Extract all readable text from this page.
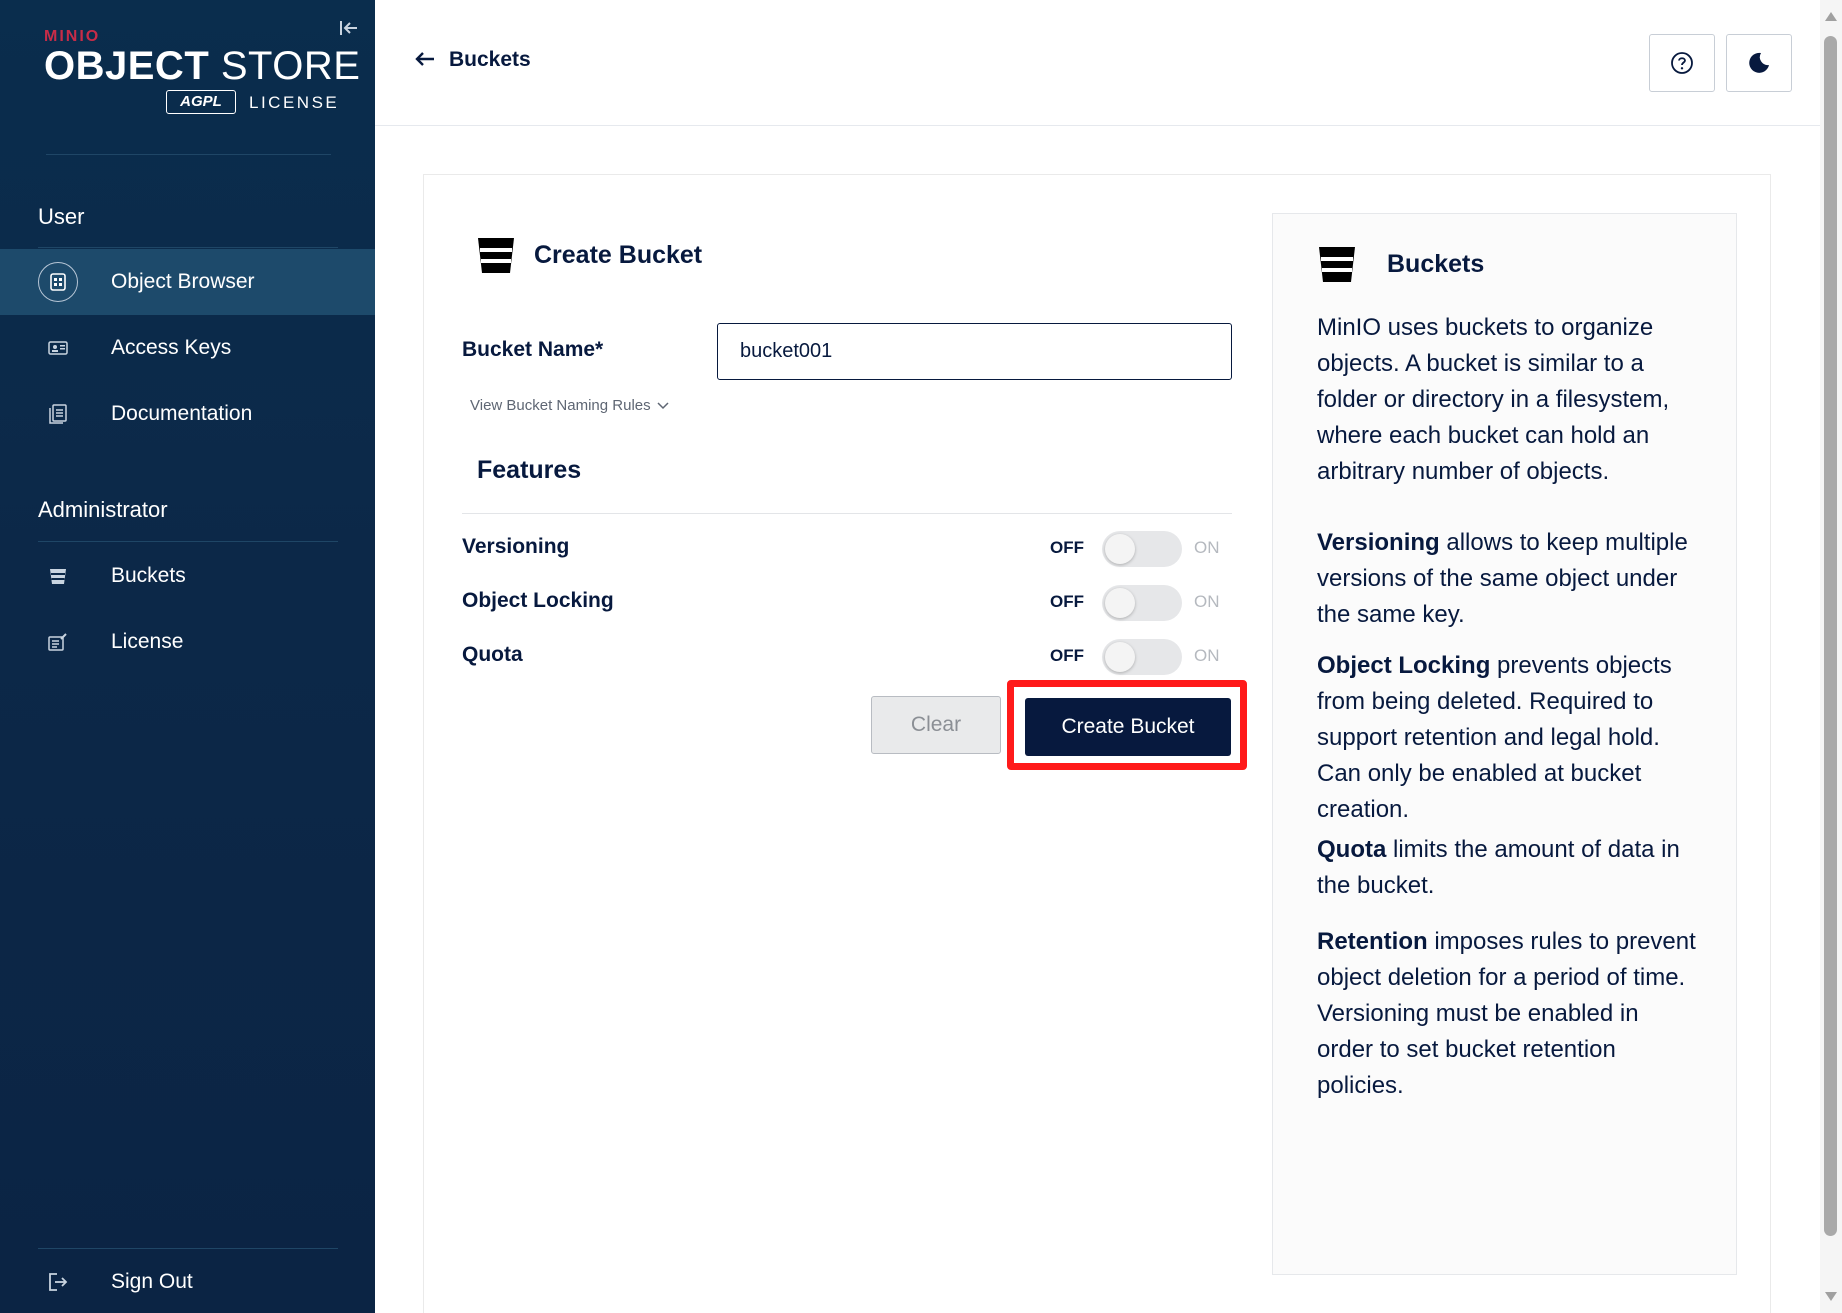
MINIO
OBJECT STORE
AGPL	LICENSE
User
Object Browser
Access Keys
Documentation
Administrator
Buckets
License
Sign Out
Buckets
Create Bucket
Bucket Name*
bucket001
View Bucket Naming Rules
Features
Versioning	OFF	ON
Object Locking	OFF	ON
Quota	OFF	ON
Clear	Create Bucket
Buckets

MinIO uses buckets to organize objects. A bucket is similar to a folder or directory in a filesystem, where each bucket can hold an arbitrary number of objects.

Versioning allows to keep multiple versions of the same object under the same key.

Object Locking prevents objects from being deleted. Required to support retention and legal hold. Can only be enabled at bucket creation.

Quota limits the amount of data in the bucket.

Retention imposes rules to prevent object deletion for a period of time. Versioning must be enabled in order to set bucket retention policies.
